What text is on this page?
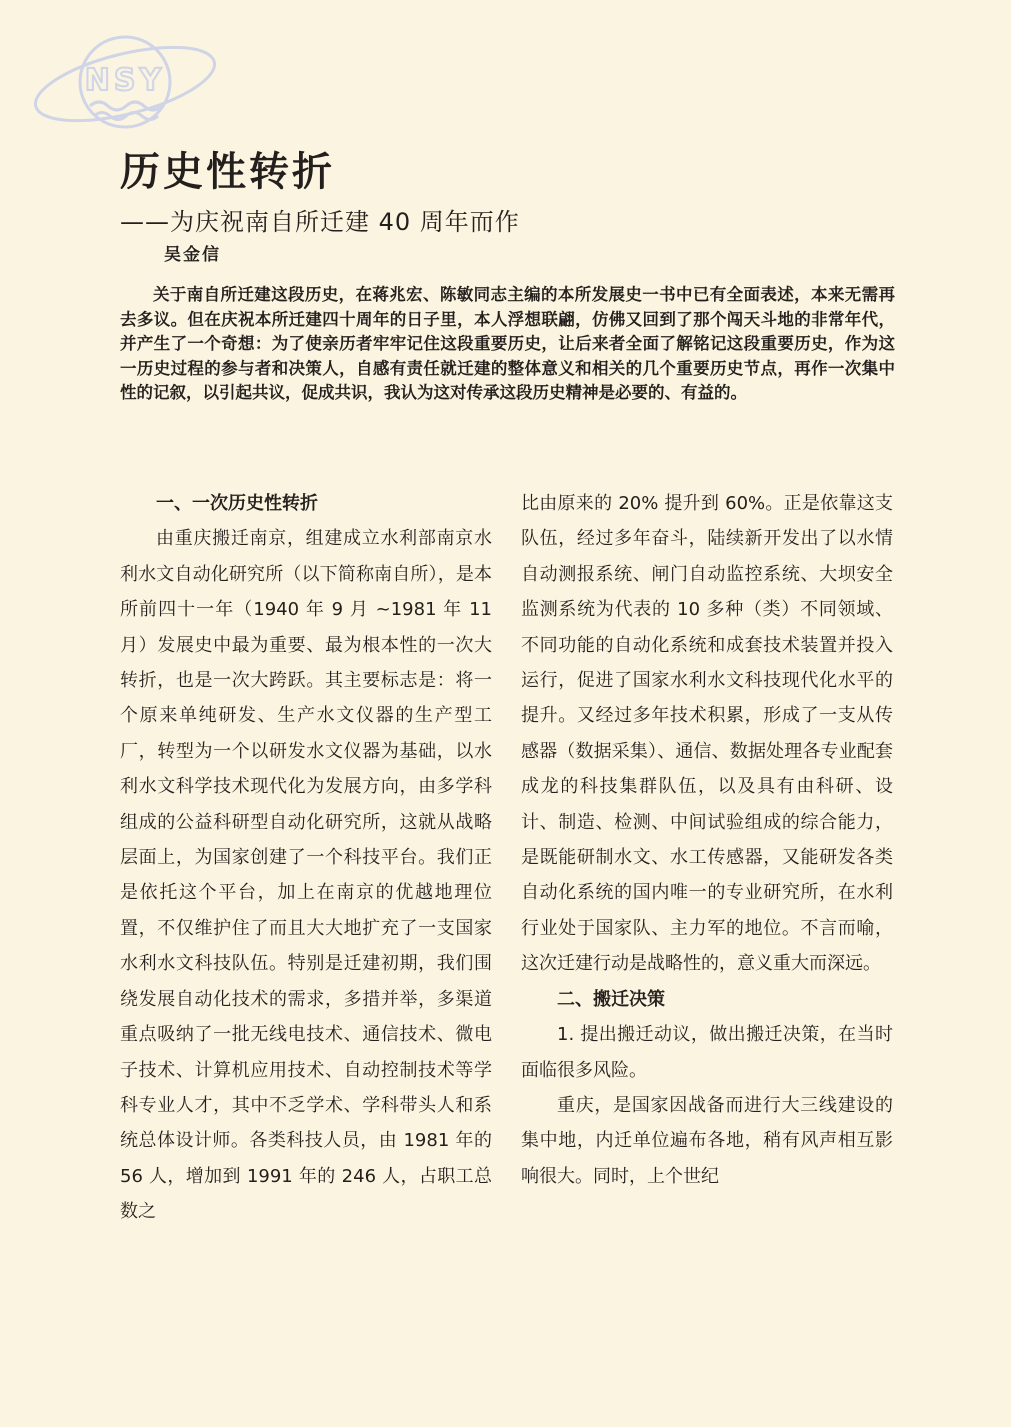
NSY
历史性转折
——为庆祝南自所迁建 40 周年而作
吴金信

关于南自所迁建这段历史，在蒋兆宏、陈敏同志主编的本所发展史一书中已有全面表述，本来无需再去多议。但在庆祝本所迁建四十周年的日子里，本人浮想联翩，仿佛又回到了那个闯天斗地的非常年代，并产生了一个奇想：为了使亲历者牢牢记住这段重要历史，让后来者全面了解铭记这段重要历史，作为这一历史过程的参与者和决策人，自感有责任就迁建的整体意义和相关的几个重要历史节点，再作一次集中性的记叙，以引起共议，促成共识，我认为这对传承这段历史精神是必要的、有益的。

一、一次历史性转折

由重庆搬迁南京，组建成立水利部南京水利水文自动化研究所（以下简称南自所），是本所前四十一年（1940 年 9 月 ~1981 年 11 月）发展史中最为重要、最为根本性的一次大转折，也是一次大跨跃。其主要标志是：将一个原来单纯研发、生产水文仪器的生产型工厂，转型为一个以研发水文仪器为基础，以水利水文科学技术现代化为发展方向，由多学科组成的公益科研型自动化研究所，这就从战略层面上，为国家创建了一个科技平台。我们正是依托这个平台，加上在南京的优越地理位置，不仅维护住了而且大大地扩充了一支国家水利水文科技队伍。特别是迁建初期，我们围绕发展自动化技术的需求，多措并举，多渠道重点吸纳了一批无线电技术、通信技术、微电子技术、计算机应用技术、自动控制技术等学科专业人才，其中不乏学术、学科带头人和系统总体设计师。各类科技人员，由 1981 年的 56 人，增加到 1991 年的 246 人，占职工总数之

比由原来的 20% 提升到 60%。正是依靠这支队伍，经过多年奋斗，陆续新开发出了以水情自动测报系统、闸门自动监控系统、大坝安全监测系统为代表的 10 多种（类）不同领域、不同功能的自动化系统和成套技术装置并投入运行，促进了国家水利水文科技现代化水平的提升。又经过多年技术积累，形成了一支从传感器（数据采集）、通信、数据处理各专业配套成龙的科技集群队伍，以及具有由科研、设计、制造、检测、中间试验组成的综合能力，是既能研制水文、水工传感器，又能研发各类自动化系统的国内唯一的专业研究所，在水利行业处于国家队、主力军的地位。不言而喻，这次迁建行动是战略性的，意义重大而深远。

二、搬迁决策

1. 提出搬迁动议，做出搬迁决策，在当时面临很多风险。

重庆，是国家因战备而进行大三线建设的集中地，内迁单位遍布各地，稍有风声相互影响很大。同时，上个世纪
